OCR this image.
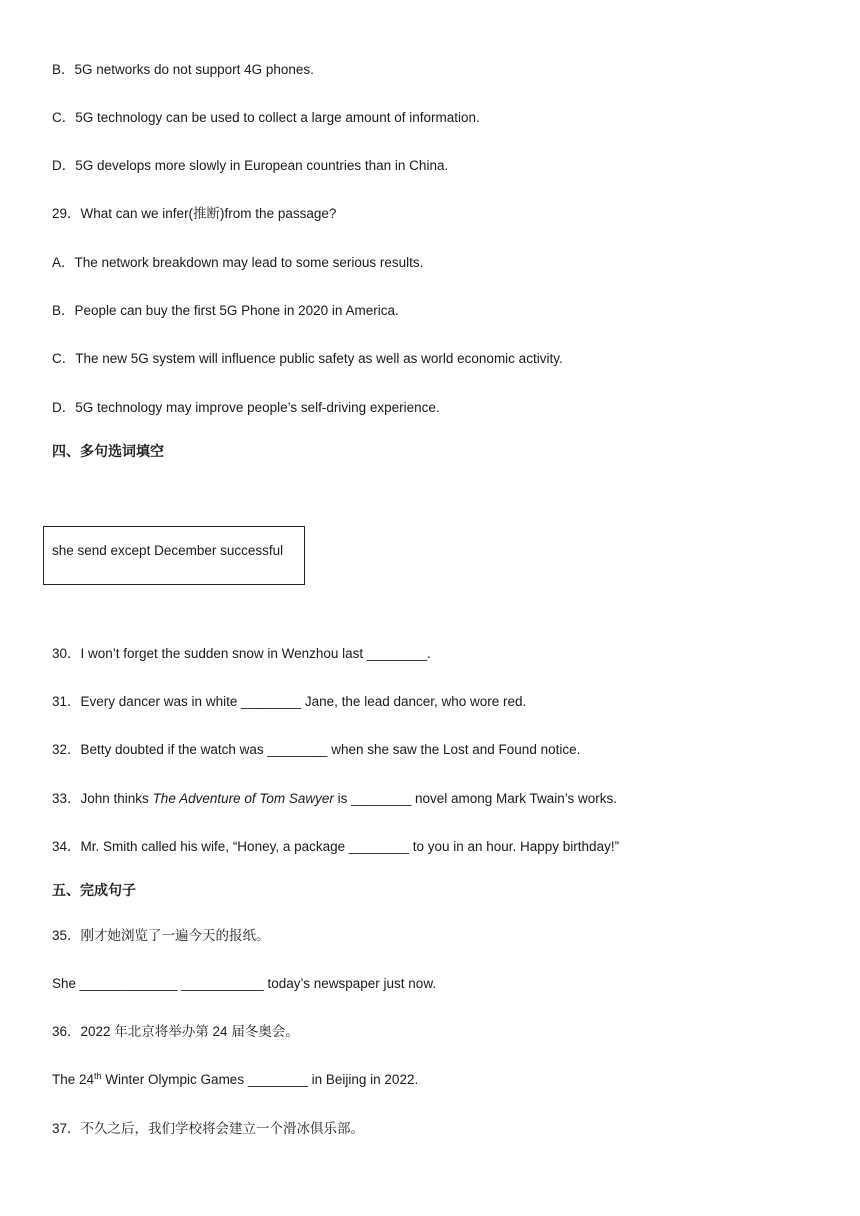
B．5G networks do not support 4G phones.

C．5G technology can be used to collect a large amount of information.

D．5G develops more slowly in European countries than in China.

29．What can we infer(推断)from the passage?

A．The network breakdown may lead to some serious results.

B．People can buy the first 5G Phone in 2020 in America.

C．The new 5G system will influence public safety as well as world economic activity.

D．5G technology may improve people’s self-driving experience.

四、多句选词填空

she send except December successful

30．I won’t forget the sudden snow in Wenzhou last ________.

31．Every dancer was in white ________ Jane, the lead dancer, who wore red.

32．Betty doubted if the watch was ________ when she saw the Lost and Found notice.

33．John thinks The Adventure of Tom Sawyer is ________ novel among Mark Twain’s works.

34．Mr. Smith called his wife, “Honey, a package ________ to you in an hour. Happy birthday!”

五、完成句子

35．刚才她浏览了一遍今天的报纸。

She _____________ ___________ today’s newspaper just now.

36．2022 年北京将举办第 24 届冬奥会。

The 24th Winter Olympic Games ________ in Beijing in 2022.

37．不久之后，我们学校将会建立一个滑冰俱乐部。
